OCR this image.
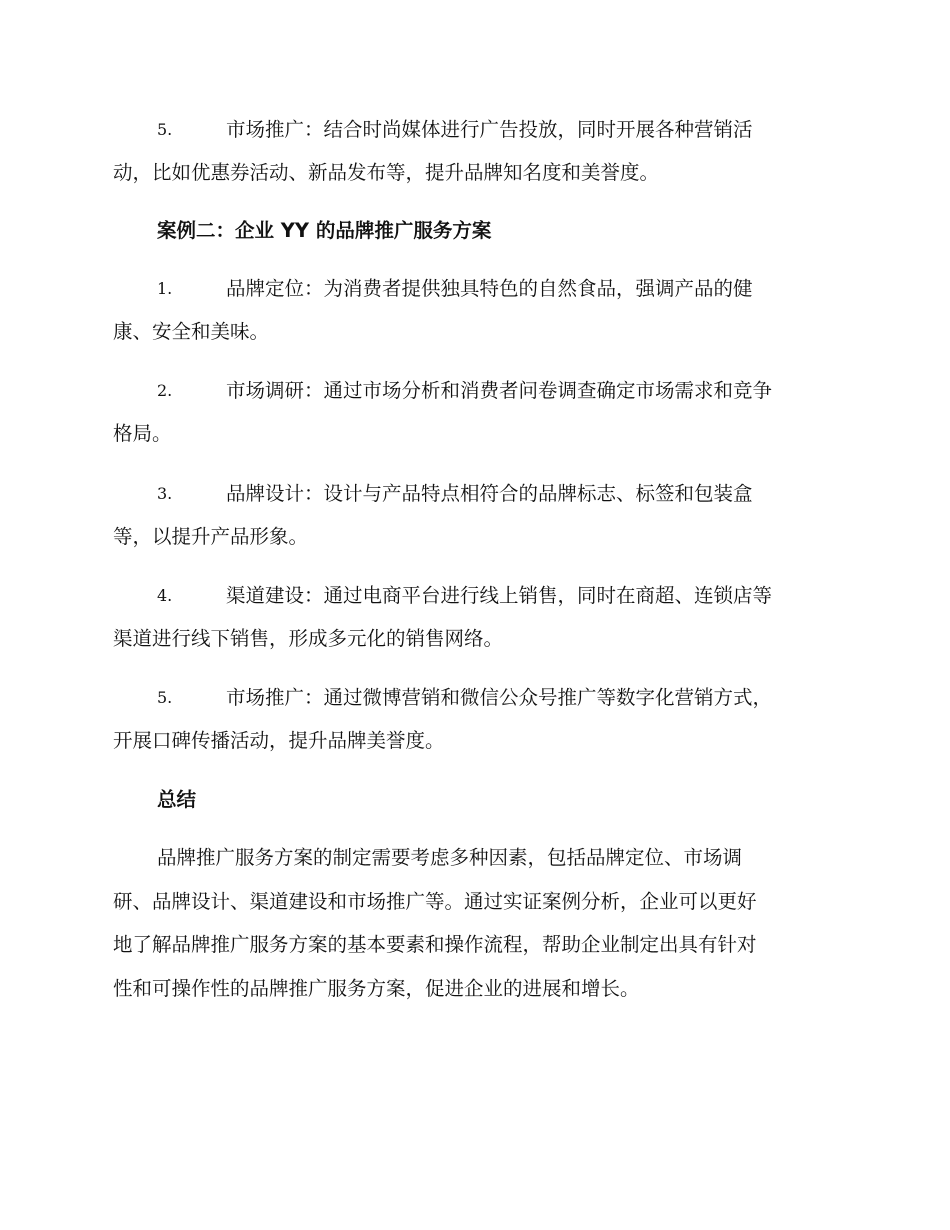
5.	市场推广：结合时尚媒体进行广告投放，同时开展各种营销活
动，比如优惠券活动、新品发布等，提升品牌知名度和美誉度。
案例二：企业 YY 的品牌推广服务方案
1.	品牌定位：为消费者提供独具特色的自然食品，强调产品的健
康、安全和美味。
2.	市场调研：通过市场分析和消费者问卷调查确定市场需求和竞争
格局。
3.	品牌设计：设计与产品特点相符合的品牌标志、标签和包装盒
等，以提升产品形象。
4.	渠道建设：通过电商平台进行线上销售，同时在商超、连锁店等
渠道进行线下销售，形成多元化的销售网络。
5.	市场推广：通过微博营销和微信公众号推广等数字化营销方式，
开展口碑传播活动，提升品牌美誉度。
总结
品牌推广服务方案的制定需要考虑多种因素，包括品牌定位、市场调
研、品牌设计、渠道建设和市场推广等。通过实证案例分析，企业可以更好
地了解品牌推广服务方案的基本要素和操作流程，帮助企业制定出具有针对
性和可操作性的品牌推广服务方案，促进企业的进展和增长。
